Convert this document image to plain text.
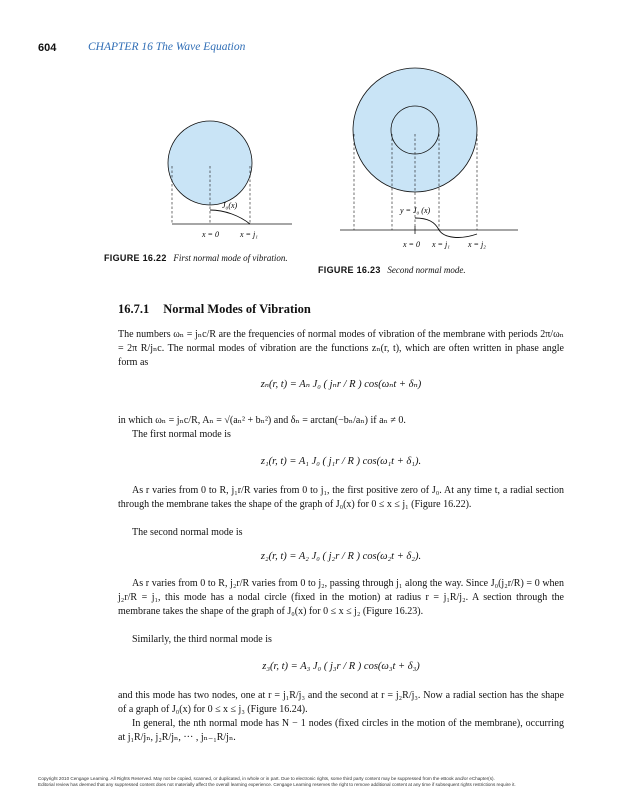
604	CHAPTER 16 The Wave Equation
J₀(x)
x = 0	x = j₁
FIGURE 16.22 First normal mode of vibration.
y = J₀ (x)
x = 0 x = j₁ x = j₂
FIGURE 16.23 Second normal mode.
16.7.1 Normal Modes of Vibration
The numbers ωₙ = jₙc/R are the frequencies of normal modes of vibration of the membrane with periods 2π/ωₙ = 2π R/jₙc. The normal modes of vibration are the functions zₙ(r, t), which are often written in phase angle form as
zₙ(r, t) = Aₙ J₀ ( jₙr / R ) cos(ωₙt + δₙ)
in which ωₙ = jₙc/R, Aₙ = √(aₙ² + bₙ²) and δₙ = arctan(−bₙ/aₙ) if aₙ ≠ 0.
The first normal mode is
z₁(r, t) = A₁ J₀ ( j₁r / R ) cos(ω₁t + δ₁).
As r varies from 0 to R, j₁r/R varies from 0 to j₁, the first positive zero of J₀. At any time t, a radial section through the membrane takes the shape of the graph of J₀(x) for 0 ≤ x ≤ j₁ (Figure 16.22).
The second normal mode is
z₂(r, t) = A₂ J₀ ( j₂r / R ) cos(ω₂t + δ₂).
As r varies from 0 to R, j₂r/R varies from 0 to j₂, passing through j₁ along the way. Since J₀(j₂r/R) = 0 when j₂r/R = j₁, this mode has a nodal circle (fixed in the motion) at radius r = j₁R/j₂. A section through the membrane takes the shape of the graph of J₀(x) for 0 ≤ x ≤ j₂ (Figure 16.23).
Similarly, the third normal mode is
z₃(r, t) = A₃ J₀ ( j₃r / R ) cos(ω₃t + δ₃)
and this mode has two nodes, one at r = j₁R/j₃ and the second at r = j₂R/j₃. Now a radial section has the shape of a graph of J₀(x) for 0 ≤ x ≤ j₃ (Figure 16.24).
In general, the nth normal mode has N − 1 nodes (fixed circles in the motion of the membrane), occurring at j₁R/jₙ, j₂R/jₙ, ··· , jₙ₋₁R/jₙ.
Copyright 2010 Cengage Learning. All Rights Reserved. May not be copied, scanned, or duplicated, in whole or in part. Due to electronic rights, some third party content may be suppressed from the eBook and/or eChapter(s).
Editorial review has deemed that any suppressed content does not materially affect the overall learning experience. Cengage Learning reserves the right to remove additional content at any time if subsequent rights restrictions require it.
